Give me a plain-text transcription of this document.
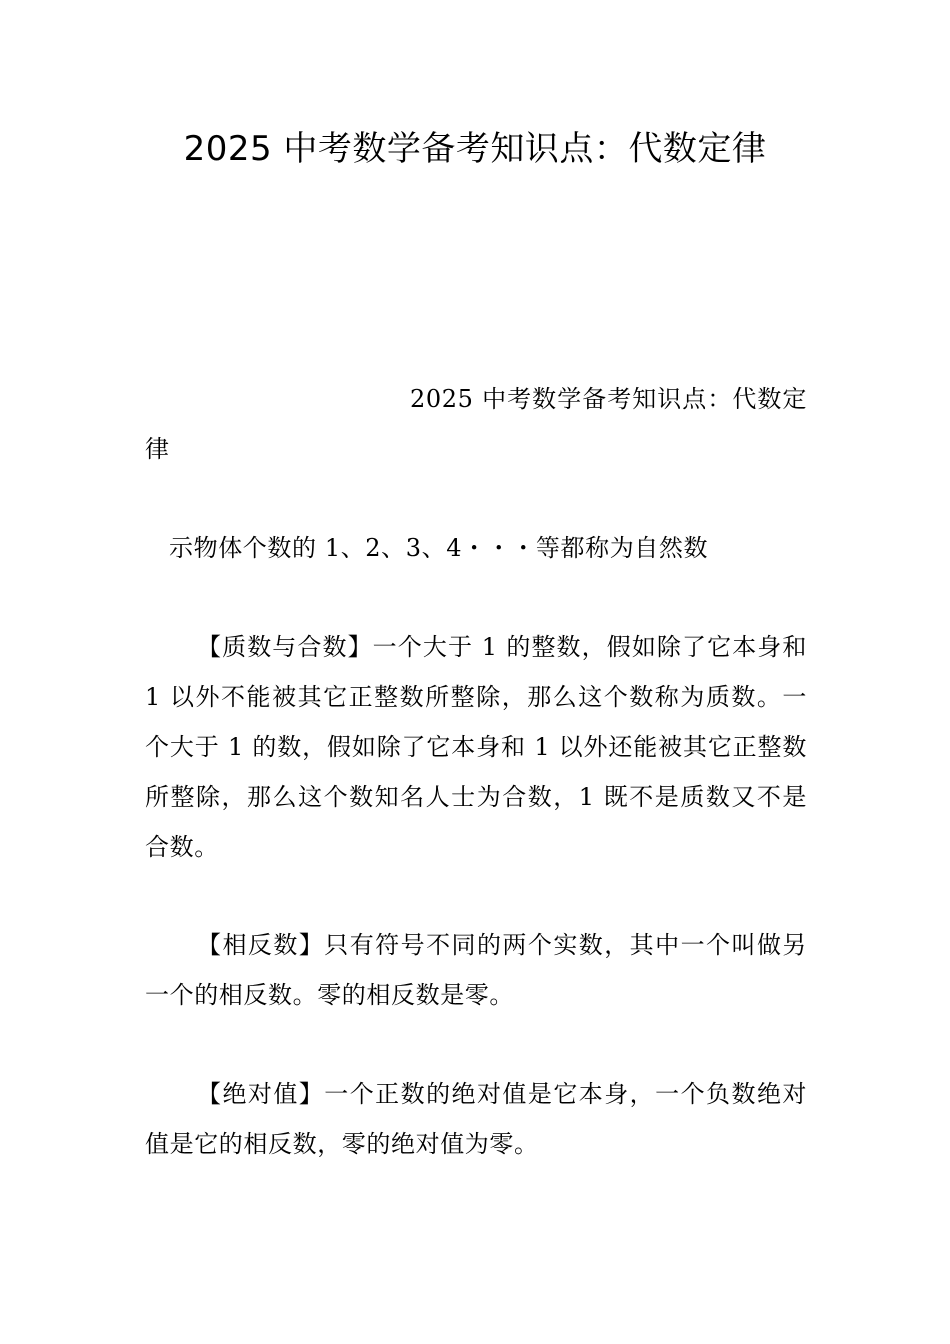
2025 中考数学备考知识点：代数定律

2025 中考数学备考知识点：代数定律

示物体个数的 1、2、3、4・・・等都称为自然数

【质数与合数】一个大于 1 的整数，假如除了它本身和 1 以外不能被其它正整数所整除，那么这个数称为质数。一个大于 1 的数，假如除了它本身和 1 以外还能被其它正整数所整除，那么这个数知名人士为合数，1 既不是质数又不是合数。

【相反数】只有符号不同的两个实数，其中一个叫做另一个的相反数。零的相反数是零。

【绝对值】一个正数的绝对值是它本身，一个负数绝对值是它的相反数，零的绝对值为零。
